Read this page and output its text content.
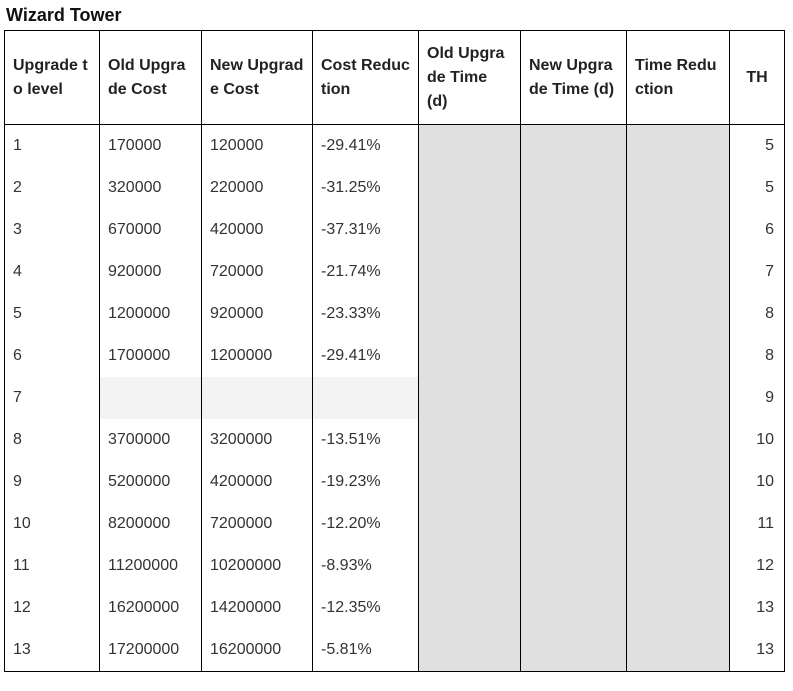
Wizard Tower
Upgrade to level	Old Upgrade Cost	New Upgrade Cost	Cost Reduction	Old Upgrade Time (d)	New Upgrade Time (d)	Time Reduction	TH
1	170000	120000	-29.41%				5
2	320000	220000	-31.25%				5
3	670000	420000	-37.31%				6
4	920000	720000	-21.74%				7
5	1200000	920000	-23.33%				8
6	1700000	1200000	-29.41%				8
7							9
8	3700000	3200000	-13.51%				10
9	5200000	4200000	-19.23%				10
10	8200000	7200000	-12.20%				11
11	11200000	10200000	-8.93%				12
12	16200000	14200000	-12.35%				13
13	17200000	16200000	-5.81%				13
